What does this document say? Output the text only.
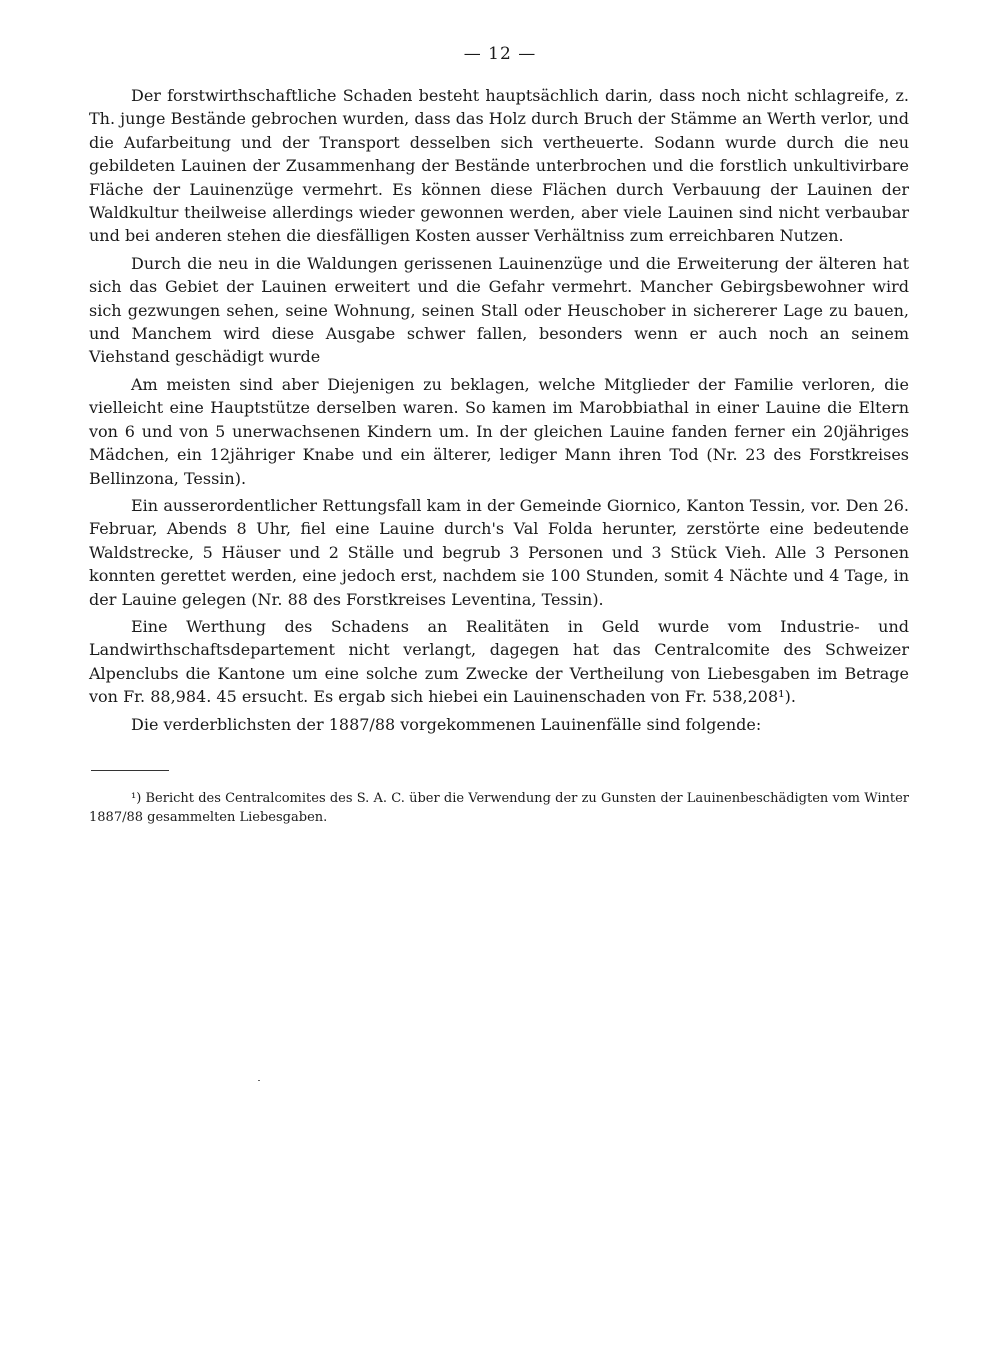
— 12 —

Der forstwirthschaftliche Schaden besteht hauptsächlich darin, dass noch nicht schlagreife, z. Th. junge Bestände gebrochen wurden, dass das Holz durch Bruch der Stämme an Werth verlor, und die Aufarbeitung und der Transport desselben sich vertheuerte. Sodann wurde durch die neu gebildeten Lauinen der Zusammenhang der Bestände unterbrochen und die forstlich unkultivirbare Fläche der Lauinenzüge vermehrt. Es können diese Flächen durch Verbauung der Lauinen der Waldkultur theilweise allerdings wieder gewonnen werden, aber viele Lauinen sind nicht verbaubar und bei anderen stehen die diesfälligen Kosten ausser Verhältniss zum erreichbaren Nutzen.

Durch die neu in die Waldungen gerissenen Lauinenzüge und die Erweiterung der älteren hat sich das Gebiet der Lauinen erweitert und die Gefahr vermehrt. Mancher Gebirgsbewohner wird sich gezwungen sehen, seine Wohnung, seinen Stall oder Heuschober in sichererer Lage zu bauen, und Manchem wird diese Ausgabe schwer fallen, besonders wenn er auch noch an seinem Viehstand geschädigt wurde

Am meisten sind aber Diejenigen zu beklagen, welche Mitglieder der Familie verloren, die vielleicht eine Hauptstütze derselben waren. So kamen im Marobbiathal in einer Lauine die Eltern von 6 und von 5 unerwachsenen Kindern um. In der gleichen Lauine fanden ferner ein 20jähriges Mädchen, ein 12jähriger Knabe und ein älterer, lediger Mann ihren Tod (Nr. 23 des Forstkreises Bellinzona, Tessin).

Ein ausserordentlicher Rettungsfall kam in der Gemeinde Giornico, Kanton Tessin, vor. Den 26. Februar, Abends 8 Uhr, fiel eine Lauine durch's Val Folda herunter, zerstörte eine bedeutende Waldstrecke, 5 Häuser und 2 Ställe und begrub 3 Personen und 3 Stück Vieh. Alle 3 Personen konnten gerettet werden, eine jedoch erst, nachdem sie 100 Stunden, somit 4 Nächte und 4 Tage, in der Lauine gelegen (Nr. 88 des Forstkreises Leventina, Tessin).

Eine Werthung des Schadens an Realitäten in Geld wurde vom Industrie- und Landwirthschaftsdepartement nicht verlangt, dagegen hat das Centralcomite des Schweizer Alpenclubs die Kantone um eine solche zum Zwecke der Vertheilung von Liebesgaben im Betrage von Fr. 88,984. 45 ersucht. Es ergab sich hiebei ein Lauinenschaden von Fr. 538,208¹).

Die verderblichsten der 1887/88 vorgekommenen Lauinenfälle sind folgende:

¹) Bericht des Centralcomites des S. A. C. über die Verwendung der zu Gunsten der Lauinenbeschädigten vom Winter 1887/88 gesammelten Liebesgaben.
